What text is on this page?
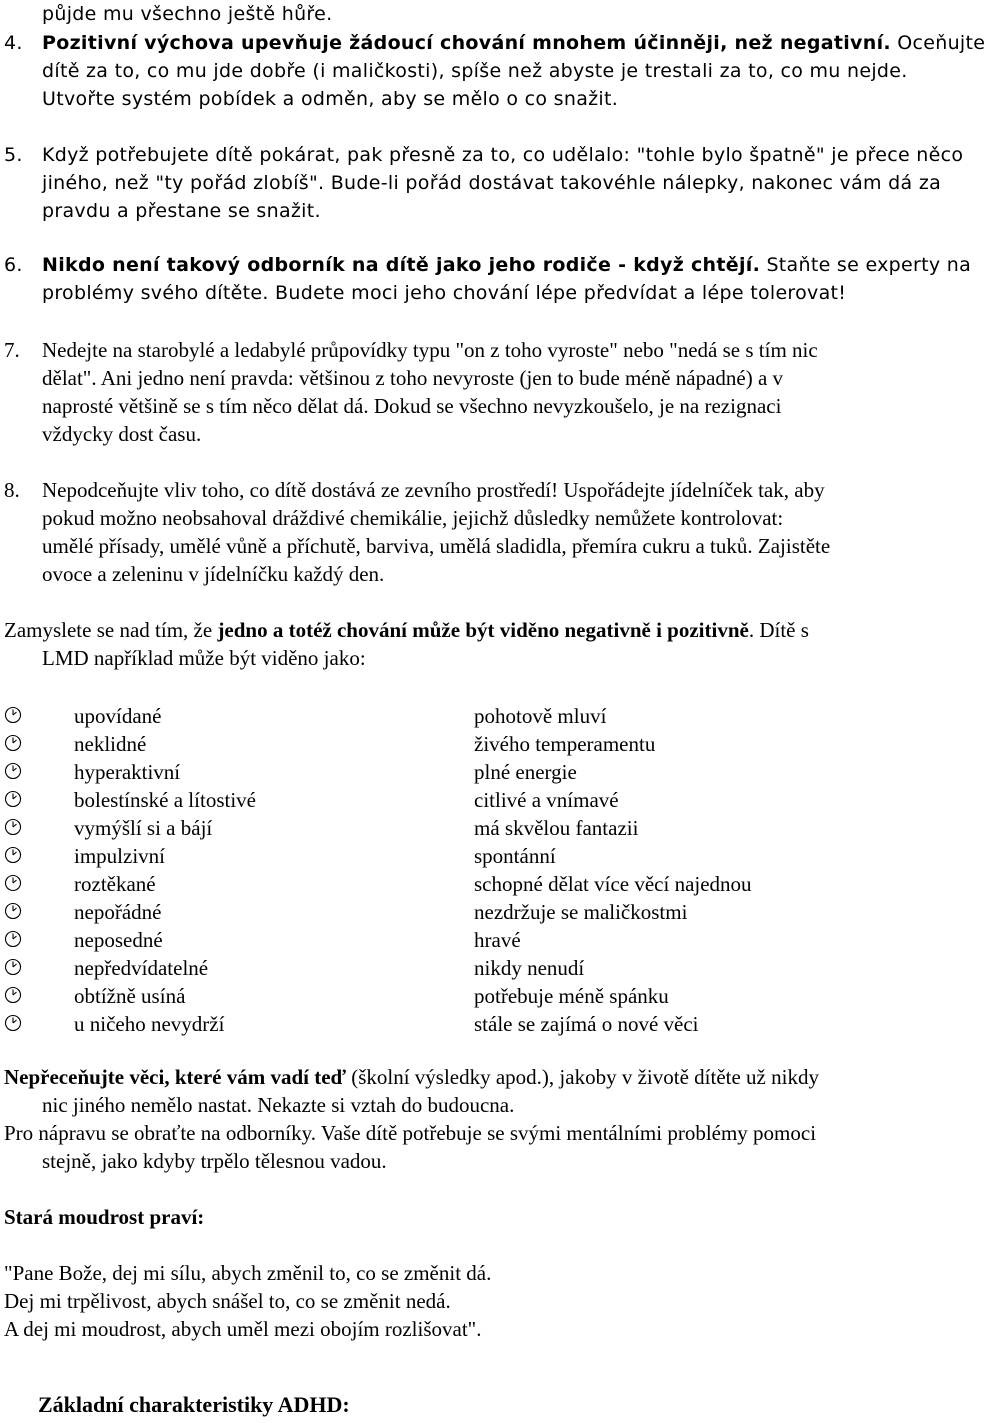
půjde mu všechno ještě hůře.
4. Pozitivní výchova upevňuje žádoucí chování mnohem účinněji, než negativní. Oceňujte
dítě za to, co mu jde dobře (i maličkosti), spíše než abyste je trestali za to, co mu nejde.
Utvořte systém pobídek a odměn, aby se mělo o co snažit.
5. Když potřebujete dítě pokárat, pak přesně za to, co udělalo: "tohle bylo špatně" je přece něco
jiného, než "ty pořád zlobíš". Bude-li pořád dostávat takovéhle nálepky, nakonec vám dá za
pravdu a přestane se snažit.
6. Nikdo není takový odborník na dítě jako jeho rodiče - když chtějí. Staňte se experty na
problémy svého dítěte. Budete moci jeho chování lépe předvídat a lépe tolerovat!
7. Nedejte na starobylé a ledabylé průpovídky typu "on z toho vyroste" nebo "nedá se s tím nic
dělat". Ani jedno není pravda: většinou z toho nevyroste (jen to bude méně nápadné) a v
naprosté většině se s tím něco dělat dá. Dokud se všechno nevyzkoušelo, je na rezignaci
vždycky dost času.
8. Nepodceňujte vliv toho, co dítě dostává ze zevního prostředí! Uspořádejte jídelníček tak, aby
pokud možno neobsahoval dráždivé chemikálie, jejichž důsledky nemůžete kontrolovat:
umělé přísady, umělé vůně a příchutě, barviva, umělá sladidla, přemíra cukru a tuků. Zajistěte
ovoce a zeleninu v jídelníčku každý den.
Zamyslete se nad tím, že jedno a totéž chování může být viděno negativně i pozitivně. Dítě s
LMD například může být viděno jako:
upovídané	pohotově mluví
neklidné	živého temperamentu
hyperaktivní	plné energie
bolestínské a lítostivé	citlivé a vnímavé
vymýšlí si a bájí	má skvělou fantazii
impulzivní	spontánní
roztěkané	schopné dělat více věcí najednou
nepořádné	nezdržuje se maličkostmi
neposedné	hravé
nepředvídatelné	nikdy nenudí
obtížně usíná	potřebuje méně spánku
u ničeho nevydrží	stále se zajímá o nové věci
Nepřeceňujte věci, které vám vadí teď (školní výsledky apod.), jakoby v životě dítěte už nikdy
nic jiného nemělo nastat. Nekazte si vztah do budoucna.
Pro nápravu se obraťte na odborníky. Vaše dítě potřebuje se svými mentálními problémy pomoci
stejně, jako kdyby trpělo tělesnou vadou.
Stará moudrost praví:
"Pane Bože, dej mi sílu, abych změnil to, co se změnit dá.
Dej mi trpělivost, abych snášel to, co se změnit nedá.
A dej mi moudrost, abych uměl mezi obojím rozlišovat".
Základní charakteristiky ADHD:
